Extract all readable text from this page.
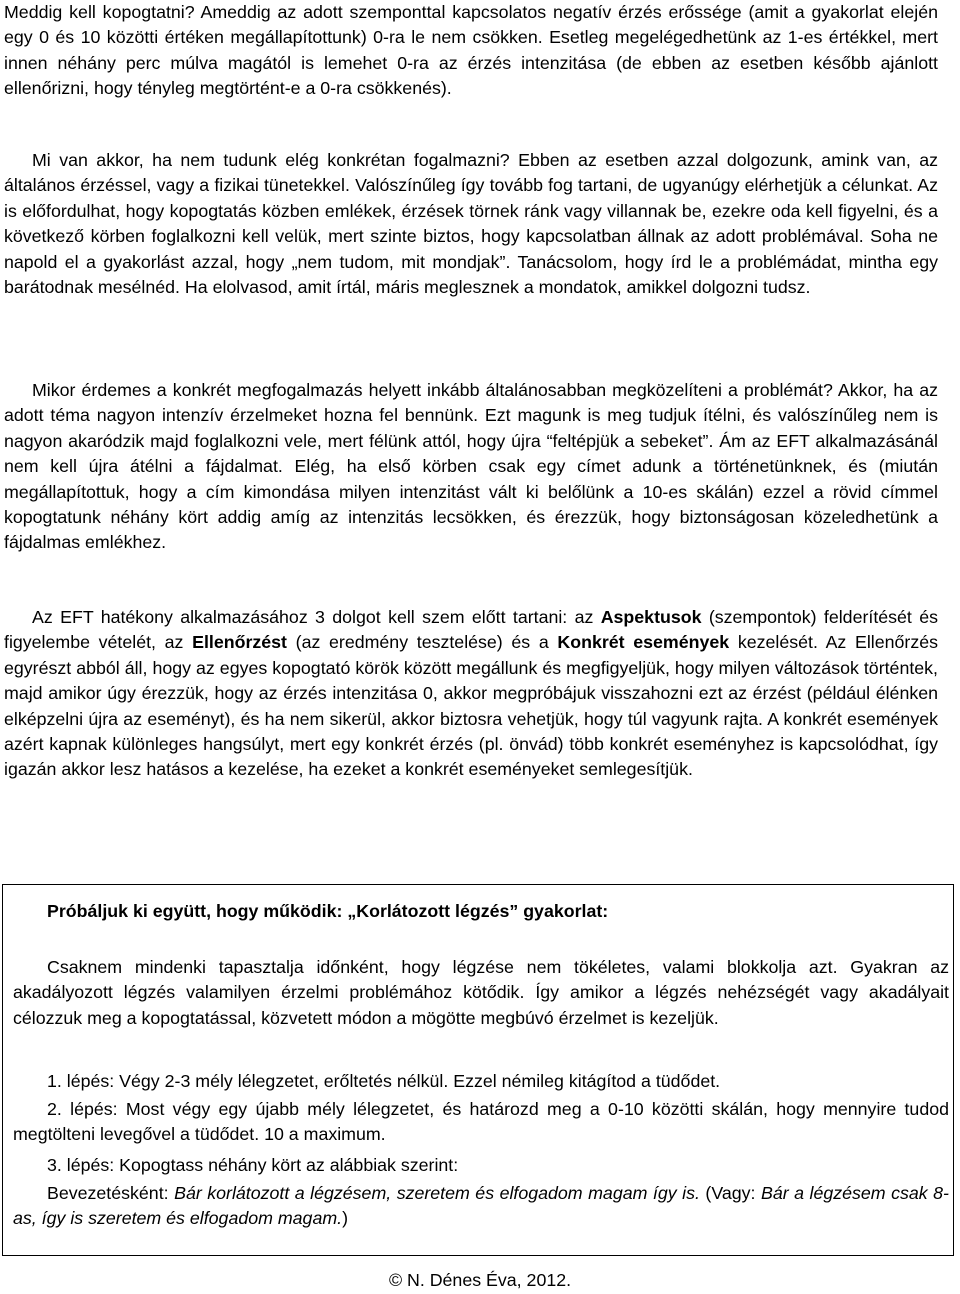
Meddig kell kopogtatni? Ameddig az adott szemponttal kapcsolatos negatív érzés erőssége (amit a gyakorlat elején egy 0 és 10 közötti értéken megállapítottunk) 0-ra le nem csökken. Esetleg megelégedhetünk az 1-es értékkel, mert innen néhány perc múlva magától is lemehet 0-ra az érzés intenzitása (de ebben az esetben később ajánlott ellenőrizni, hogy tényleg megtörtént-e a 0-ra csökkenés).

Mi van akkor, ha nem tudunk elég konkrétan fogalmazni? Ebben az esetben azzal dolgozunk, amink van, az általános érzéssel, vagy a fizikai tünetekkel. Valószínűleg így tovább fog tartani, de ugyanúgy elérhetjük a célunkat. Az is előfordulhat, hogy kopogtatás közben emlékek, érzések törnek ránk vagy villannak be, ezekre oda kell figyelni, és a következő körben foglalkozni kell velük, mert szinte biztos, hogy kapcsolatban állnak az adott problémával. Soha ne napold el a gyakorlást azzal, hogy „nem tudom, mit mondjak”. Tanácsolom, hogy írd le a problémádat, mintha egy barátodnak mesélnéd. Ha elolvasod, amit írtál, máris meglesznek a mondatok, amikkel dolgozni tudsz.

Mikor érdemes a konkrét megfogalmazás helyett inkább általánosabban megközelíteni a problémát? Akkor, ha az adott téma nagyon intenzív érzelmeket hozna fel bennünk. Ezt magunk is meg tudjuk ítélni, és valószínűleg nem is nagyon akaródzik majd foglalkozni vele, mert félünk attól, hogy újra “feltépjük a sebeket”. Ám az EFT alkalmazásánál nem kell újra átélni a fájdalmat. Elég, ha első körben csak egy címet adunk a történetünknek, és (miután megállapítottuk, hogy a cím kimondása milyen intenzitást vált ki belőlünk a 10-es skálán) ezzel a rövid címmel kopogtatunk néhány kört addig amíg az intenzitás lecsökken, és érezzük, hogy biztonságosan közeledhetünk a fájdalmas emlékhez.

Az EFT hatékony alkalmazásához 3 dolgot kell szem előtt tartani: az Aspektusok (szempontok) felderítését és figyelembe vételét, az Ellenőrzést (az eredmény tesztelése) és a Konkrét események kezelését. Az Ellenőrzés egyrészt abból áll, hogy az egyes kopogtató körök között megállunk és megfigyeljük, hogy milyen változások történtek, majd amikor úgy érezzük, hogy az érzés intenzitása 0, akkor megpróbájuk visszahozni ezt az érzést (például élénken elképzelni újra az eseményt), és ha nem sikerül, akkor biztosra vehetjük, hogy túl vagyunk rajta. A konkrét események azért kapnak különleges hangsúlyt, mert egy konkrét érzés (pl. önvád) több konkrét eseményhez is kapcsolódhat, így igazán akkor lesz hatásos a kezelése, ha ezeket a konkrét eseményeket semlegesítjük.

Próbáljuk ki együtt, hogy működik: „Korlátozott légzés” gyakorlat:
Csaknem mindenki tapasztalja időnként, hogy légzése nem tökéletes, valami blokkolja azt. Gyakran az akadályozott légzés valamilyen érzelmi problémához kötődik. Így amikor a légzés nehézségét vagy akadályait célozzuk meg a kopogtatással, közvetett módon a mögötte megbúvó érzelmet is kezeljük.
1. lépés: Végy 2-3 mély lélegzetet, erőltetés nélkül. Ezzel némileg kitágítod a tüdődet.
2. lépés: Most végy egy újabb mély lélegzetet, és határozd meg a 0-10 közötti skálán, hogy mennyire tudod megtölteni levegővel a tüdődet. 10 a maximum.
3. lépés: Kopogtass néhány kört az alábbiak szerint:
Bevezetésként: Bár korlátozott a légzésem, szeretem és elfogadom magam így is. (Vagy: Bár a légzésem csak 8-as, így is szeretem és elfogadom magam.)
© N. Dénes Éva, 2012.
